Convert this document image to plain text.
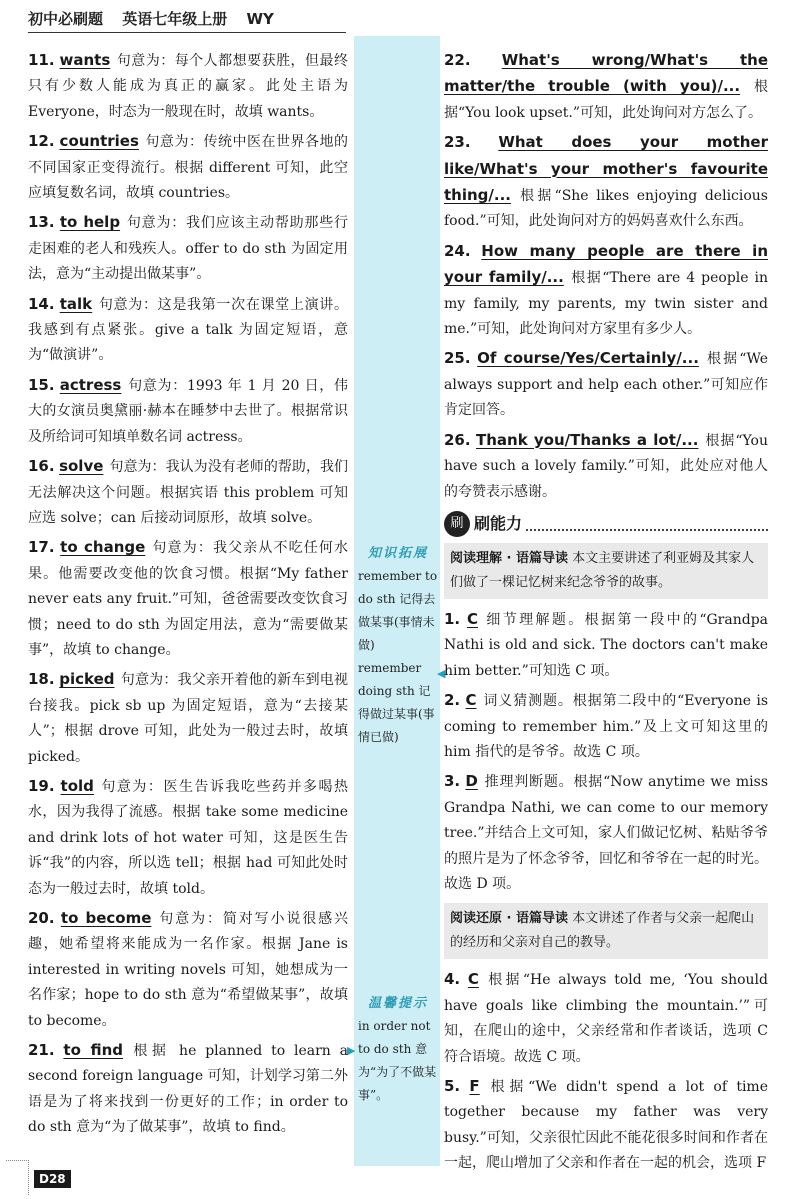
初中必刷题 英语七年级上册 WY
知识拓展
remember to do sth 记得去做某事(事情未做) remember doing sth 记得做过某事(事情已做)
◀
温馨提示
in order not to do sth 意为“为了不做某事”。
▶
11. wants 句意为：每个人都想要获胜，但最终只有少数人能成为真正的赢家。此处主语为 Everyone，时态为一般现在时，故填 wants。
12. countries 句意为：传统中医在世界各地的不同国家正变得流行。根据 different 可知，此空应填复数名词，故填 countries。
13. to help 句意为：我们应该主动帮助那些行走困难的老人和残疾人。offer to do sth 为固定用法，意为“主动提出做某事”。
14. talk 句意为：这是我第一次在课堂上演讲。我感到有点紧张。give a talk 为固定短语，意为“做演讲”。
15. actress 句意为：1993 年 1 月 20 日，伟大的女演员奥黛丽·赫本在睡梦中去世了。根据常识及所给词可知填单数名词 actress。
16. solve 句意为：我认为没有老师的帮助，我们无法解决这个问题。根据宾语 this problem 可知应选 solve；can 后接动词原形，故填 solve。
17. to change 句意为：我父亲从不吃任何水果。他需要改变他的饮食习惯。根据“My father never eats any fruit.”可知，爸爸需要改变饮食习惯；need to do sth 为固定用法，意为“需要做某事”，故填 to change。
18. picked 句意为：我父亲开着他的新车到电视台接我。pick sb up 为固定短语，意为“去接某人”；根据 drove 可知，此处为一般过去时，故填 picked。
19. told 句意为：医生告诉我吃些药并多喝热水，因为我得了流感。根据 take some medicine and drink lots of hot water 可知，这是医生告诉“我”的内容，所以选 tell；根据 had 可知此处时态为一般过去时，故填 told。
20. to become 句意为：简对写小说很感兴趣，她希望将来能成为一名作家。根据 Jane is interested in writing novels 可知，她想成为一名作家；hope to do sth 意为“希望做某事”，故填 to become。
21. to find 根据 he planned to learn a second foreign language 可知，计划学习第二外语是为了将来找到一份更好的工作；in order to do sth 意为“为了做某事”，故填 to find。
22. What's wrong/What's the matter/the trouble (with you)/... 根据“You look upset.”可知，此处询问对方怎么了。
23. What does your mother like/What's your mother's favourite thing/... 根据“She likes enjoying delicious food.”可知，此处询问对方的妈妈喜欢什么东西。
24. How many people are there in your family/... 根据“There are 4 people in my family, my parents, my twin sister and me.”可知，此处询问对方家里有多少人。
25. Of course/Yes/Certainly/... 根据“We always support and help each other.”可知应作肯定回答。
26. Thank you/Thanks a lot/... 根据“You have such a lovely family.”可知，此处应对他人的夸赞表示感谢。
刷 刷能力
阅读理解 · 语篇导读 本文主要讲述了利亚姆及其家人们做了一棵记忆树来纪念爷爷的故事。
1. C 细节理解题。根据第一段中的“Grandpa Nathi is old and sick. The doctors can't make him better.”可知选 C 项。
2. C 词义猜测题。根据第二段中的“Everyone is coming to remember him.”及上文可知这里的 him 指代的是爷爷。故选 C 项。
3. D 推理判断题。根据“Now anytime we miss Grandpa Nathi, we can come to our memory tree.”并结合上文可知，家人们做记忆树、粘贴爷爷的照片是为了怀念爷爷，回忆和爷爷在一起的时光。故选 D 项。
阅读还原 · 语篇导读 本文讲述了作者与父亲一起爬山的经历和父亲对自己的教导。
4. C 根据“He always told me, ‘You should have goals like climbing the mountain.’”可知，在爬山的途中，父亲经常和作者谈话，选项 C 符合语境。故选 C 项。
5. F 根据“We didn't spend a lot of time together because my father was very busy.”可知，父亲很忙因此不能花很多时间和作者在一起，爬山增加了父亲和作者在一起的机会，选项 F
D28
